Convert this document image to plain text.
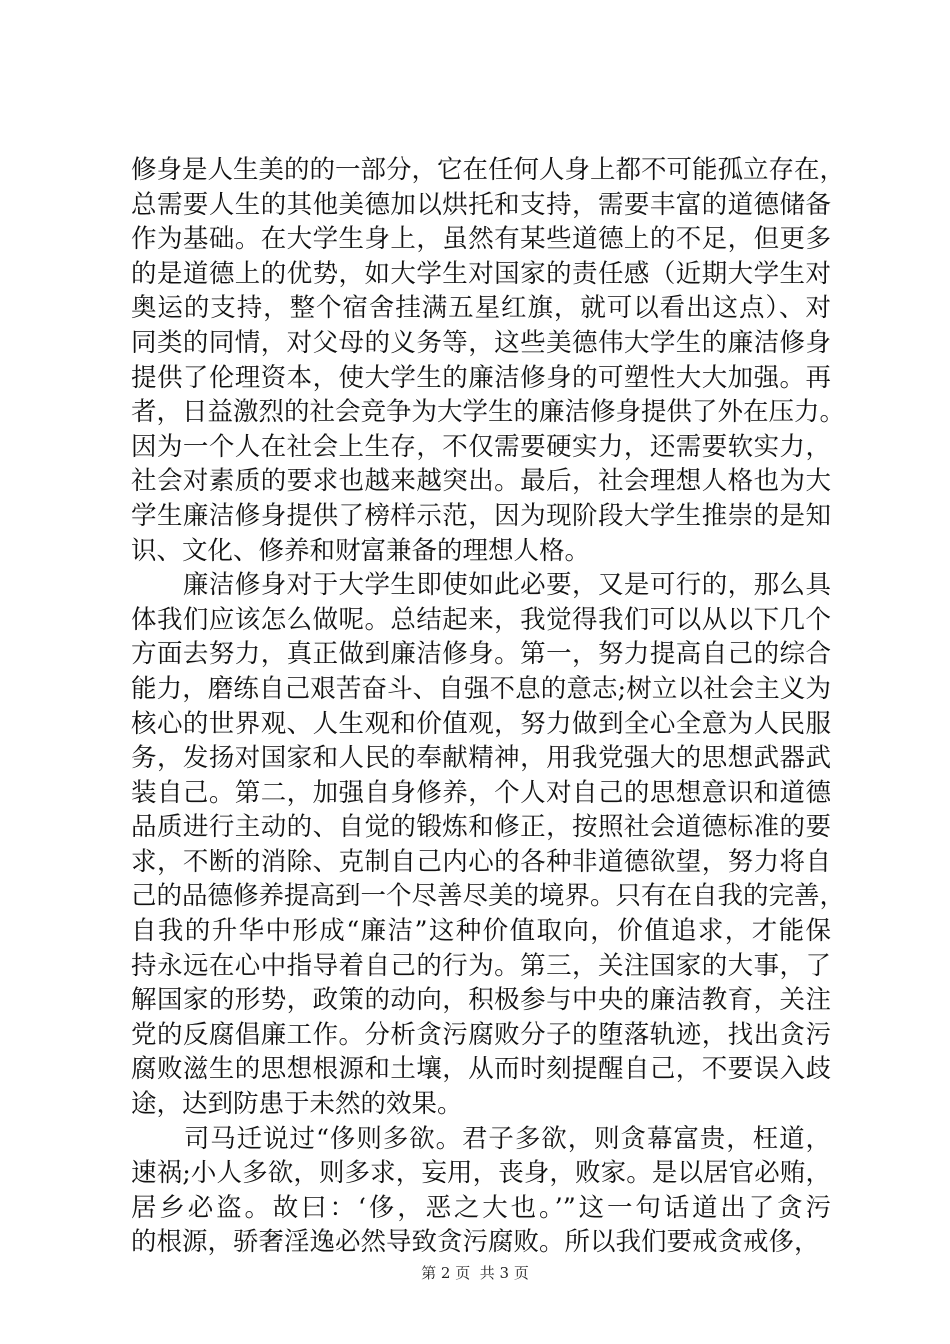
修身是人生美的的一部分，它在任何人身上都不可能孤立存在，
总需要人生的其他美德加以烘托和支持，需要丰富的道德储备
作为基础。在大学生身上，虽然有某些道德上的不足，但更多
的是道德上的优势，如大学生对国家的责任感（近期大学生对
奥运的支持，整个宿舍挂满五星红旗，就可以看出这点）、对
同类的同情，对父母的义务等，这些美德伟大学生的廉洁修身
提供了伦理资本，使大学生的廉洁修身的可塑性大大加强。再
者，日益激烈的社会竞争为大学生的廉洁修身提供了外在压力。
因为一个人在社会上生存，不仅需要硬实力，还需要软实力，
社会对素质的要求也越来越突出。最后，社会理想人格也为大
学生廉洁修身提供了榜样示范，因为现阶段大学生推崇的是知
识、文化、修养和财富兼备的理想人格。
　　廉洁修身对于大学生即使如此必要，又是可行的，那么具
体我们应该怎么做呢。总结起来，我觉得我们可以从以下几个
方面去努力，真正做到廉洁修身。第一，努力提高自己的综合
能力，磨练自己艰苦奋斗、自强不息的意志;树立以社会主义为
核心的世界观、人生观和价值观，努力做到全心全意为人民服
务，发扬对国家和人民的奉献精神，用我党强大的思想武器武
装自己。第二，加强自身修养，个人对自己的思想意识和道德
品质进行主动的、自觉的锻炼和修正，按照社会道德标准的要
求，不断的消除、克制自己内心的各种非道德欲望，努力将自
己的品德修养提高到一个尽善尽美的境界。只有在自我的完善，
自我的升华中形成“廉洁”这种价值取向，价值追求，才能保
持永远在心中指导着自己的行为。第三，关注国家的大事，了
解国家的形势，政策的动向，积极参与中央的廉洁教育，关注
党的反腐倡廉工作。分析贪污腐败分子的堕落轨迹，找出贪污
腐败滋生的思想根源和土壤，从而时刻提醒自己，不要误入歧
途，达到防患于未然的效果。
　　司马迁说过“侈则多欲。君子多欲，则贪幕富贵，枉道，
速祸;小人多欲，则多求，妄用，丧身，败家。是以居官必贿，
居乡必盗。故曰：‘侈，恶之大也。’”这一句话道出了贪污
的根源，骄奢淫逸必然导致贪污腐败。所以我们要戒贪戒侈，
第 2 页  共 3 页
